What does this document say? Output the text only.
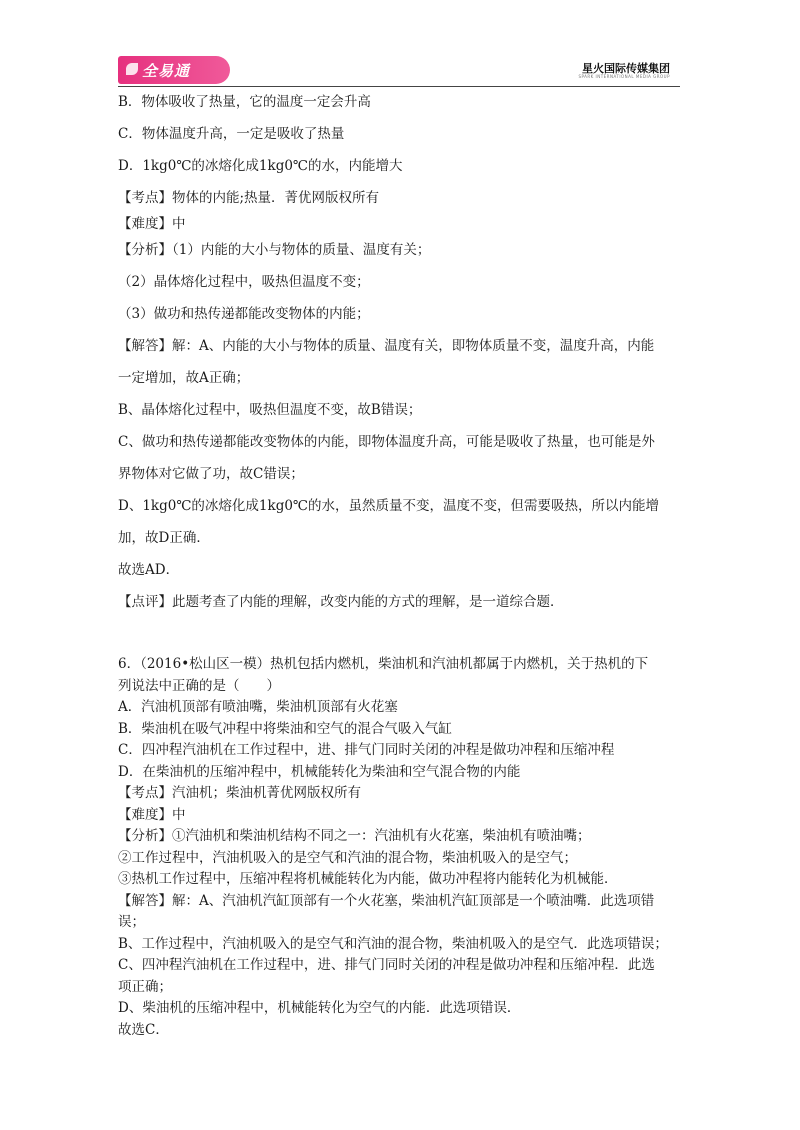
全易通	星火国际传媒集团
SPARK INTERNATIONAL MEDIA GROUP

B．物体吸收了热量，它的温度一定会升高

C．物体温度升高，一定是吸收了热量

D．1kg0℃的冰熔化成1kg0℃的水，内能增大

【考点】物体的内能;热量．菁优网版权所有

【难度】中

【分析】（1）内能的大小与物体的质量、温度有关；

（2）晶体熔化过程中，吸热但温度不变；

（3）做功和热传递都能改变物体的内能；

【解答】解：A、内能的大小与物体的质量、温度有关，即物体质量不变，温度升高，内能

一定增加，故A正确；

B、晶体熔化过程中，吸热但温度不变，故B错误；

C、做功和热传递都能改变物体的内能，即物体温度升高，可能是吸收了热量，也可能是外

界物体对它做了功，故C错误；

D、1kg0℃的冰熔化成1kg0℃的水，虽然质量不变，温度不变，但需要吸热，所以内能增

加，故D正确．

故选AD．

【点评】此题考查了内能的理解，改变内能的方式的理解，是一道综合题．

6．（2016•松山区一模）热机包括内燃机，柴油机和汽油机都属于内燃机，关于热机的下

列说法中正确的是（　　）

A．汽油机顶部有喷油嘴，柴油机顶部有火花塞

B．柴油机在吸气冲程中将柴油和空气的混合气吸入气缸

C．四冲程汽油机在工作过程中，进、排气门同时关闭的冲程是做功冲程和压缩冲程

D．在柴油机的压缩冲程中，机械能转化为柴油和空气混合物的内能

【考点】汽油机；柴油机菁优网版权所有

【难度】中

【分析】①汽油机和柴油机结构不同之一：汽油机有火花塞，柴油机有喷油嘴；

②工作过程中，汽油机吸入的是空气和汽油的混合物，柴油机吸入的是空气；

③热机工作过程中，压缩冲程将机械能转化为内能，做功冲程将内能转化为机械能．

【解答】解：A、汽油机汽缸顶部有一个火花塞，柴油机汽缸顶部是一个喷油嘴．此选项错

误；

B、工作过程中，汽油机吸入的是空气和汽油的混合物，柴油机吸入的是空气．此选项错误；

C、四冲程汽油机在工作过程中，进、排气门同时关闭的冲程是做功冲程和压缩冲程．此选

项正确；

D、柴油机的压缩冲程中，机械能转化为空气的内能．此选项错误．

故选C．
